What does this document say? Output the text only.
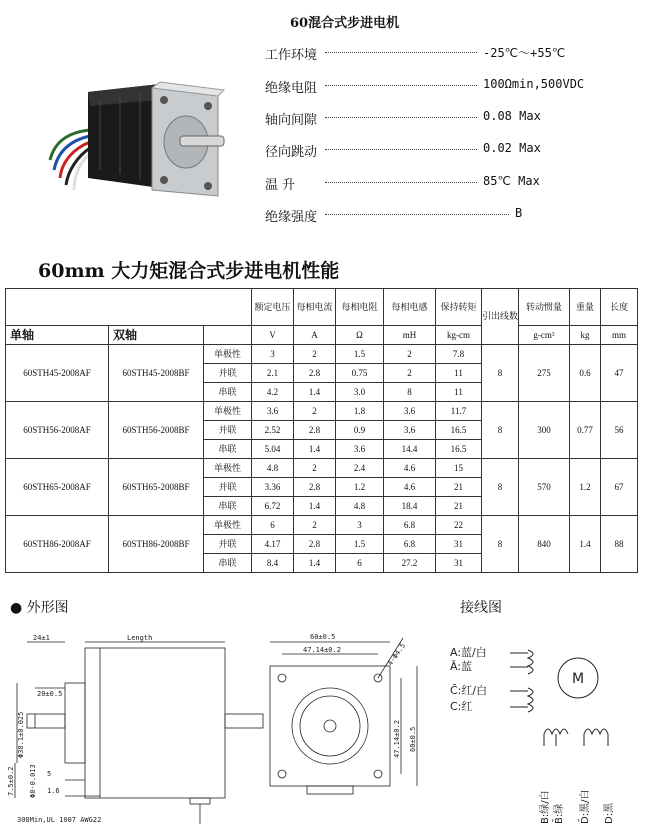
60混合式步进电机
工作环境	-25℃～+55℃
绝缘电阻	100Ωmin,500VDC
轴向间隙	0.08 Max
径向跳动	0.02 Max
温 升	85℃ Max
绝缘强度	B
60mm 大力矩混合式步进电机性能
			额定电压	每相电流	每相电阻	每相电感	保持转矩	引出线数	转动惯量	重量	长度
单轴	双轴		V	A	Ω	mH	kg-cm		g-cm²	kg	mm
60STH45-2008AF	60STH45-2008BF	单极性	3	2	1.5	2	7.8	8	275	0.6	47
		并联	2.1	2.8	0.75	2	11				
		串联	4.2	1.4	3.0	8	11				
60STH56-2008AF	60STH56-2008BF	单极性	3.6	2	1.8	3.6	11.7	8	300	0.77	56
		并联	2.52	2.8	0.9	3.6	16.5				
		串联	5.04	1.4	3.6	14.4	16.5				
60STH65-2008AF	60STH65-2008BF	单极性	4.8	2	2.4	4.6	15	8	570	1.2	67
		并联	3.36	2.8	1.2	4.6	21				
		串联	6.72	1.4	4.8	18.4	21				
60STH86-2008AF	60STH86-2008BF	单极性	6	2	3	6.8	22	8	840	1.4	88
		并联	4.17	2.8	1.5	6.8	31				
		串联	8.4	1.4	6	27.2	31				
● 外形图	接线图
24±1	Length
20±0.5
5
1.6
300Min,UL 1007 AWG22
Φ38.1±0.025
7.5±0.2 Φ8-0.013
60±0.5
47.14±0.2	4-Φ4.5
47.14±0.2 60±0.5
A:蓝/白
Ā:蓝
C̄:红/白
C:红
M
B:绿/白 B̄:绿 D̄:黑/白 D:黑
